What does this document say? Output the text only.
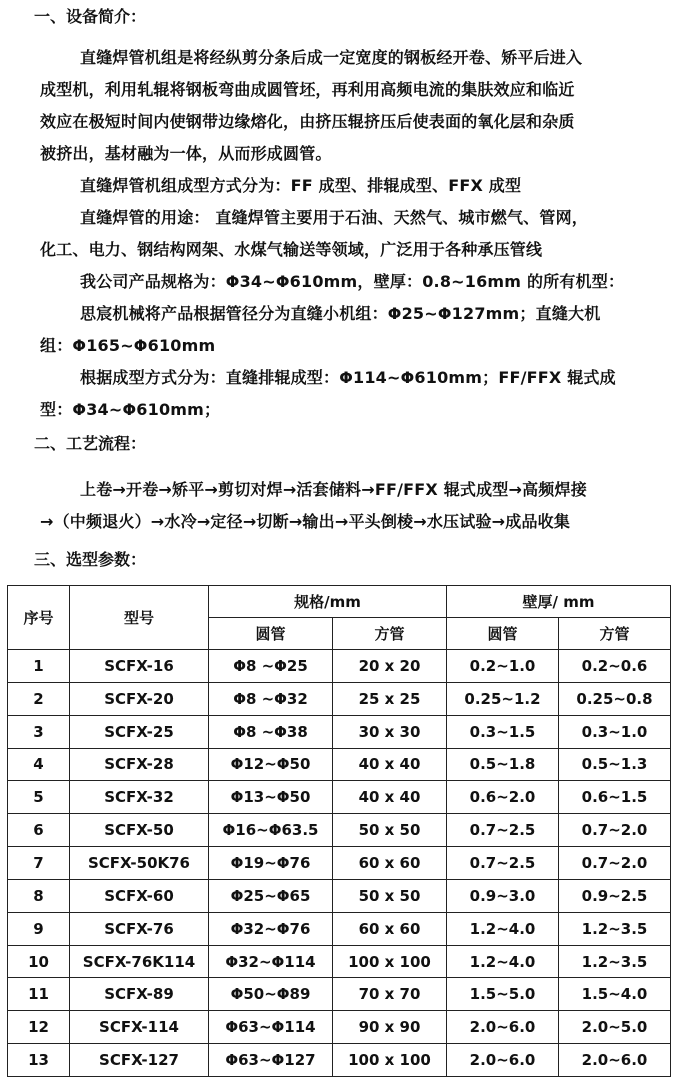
一、设备简介：
直缝焊管机组是将经纵剪分条后成一定宽度的钢板经开卷、矫平后进入
成型机，利用轧辊将钢板弯曲成圆管坯，再利用高频电流的集肤效应和临近
效应在极短时间内使钢带边缘熔化，由挤压辊挤压后使表面的氧化层和杂质
被挤出，基材融为一体，从而形成圆管。
直缝焊管机组成型方式分为：FF 成型、排辊成型、FFX 成型
直缝焊管的用途： 直缝焊管主要用于石油、天然气、城市燃气、管网，
化工、电力、钢结构网架、水煤气输送等领域，广泛用于各种承压管线
我公司产品规格为：Φ34~Φ610mm，壁厚：0.8~16mm 的所有机型：
思宸机械将产品根据管径分为直缝小机组：Φ25~Φ127mm；直缝大机
组：Φ165~Φ610mm
根据成型方式分为：直缝排辊成型：Φ114~Φ610mm；FF/FFX 辊式成
型：Φ34~Φ610mm；
二、工艺流程：
上卷→开卷→矫平→剪切对焊→活套储料→FF/FFX 辊式成型→高频焊接
→（中频退火）→水冷→定径→切断→输出→平头倒棱→水压试验→成品收集
三、选型参数：
序号	型号	规格/mm		壁厚/ mm	
		圆管	方管	圆管	方管
1	SCFX-16	Φ8 ~Φ25	20 x 20	0.2~1.0	0.2~0.6
2	SCFX-20	Φ8 ~Φ32	25 x 25	0.25~1.2	0.25~0.8
3	SCFX-25	Φ8 ~Φ38	30 x 30	0.3~1.5	0.3~1.0
4	SCFX-28	Φ12~Φ50	40 x 40	0.5~1.8	0.5~1.3
5	SCFX-32	Φ13~Φ50	40 x 40	0.6~2.0	0.6~1.5
6	SCFX-50	Φ16~Φ63.5	50 x 50	0.7~2.5	0.7~2.0
7	SCFX-50K76	Φ19~Φ76	60 x 60	0.7~2.5	0.7~2.0
8	SCFX-60	Φ25~Φ65	50 x 50	0.9~3.0	0.9~2.5
9	SCFX-76	Φ32~Φ76	60 x 60	1.2~4.0	1.2~3.5
10	SCFX-76K114	Φ32~Φ114	100 x 100	1.2~4.0	1.2~3.5
11	SCFX-89	Φ50~Φ89	70 x 70	1.5~5.0	1.5~4.0
12	SCFX-114	Φ63~Φ114	90 x 90	2.0~6.0	2.0~5.0
13	SCFX-127	Φ63~Φ127	100 x 100	2.0~6.0	2.0~6.0
